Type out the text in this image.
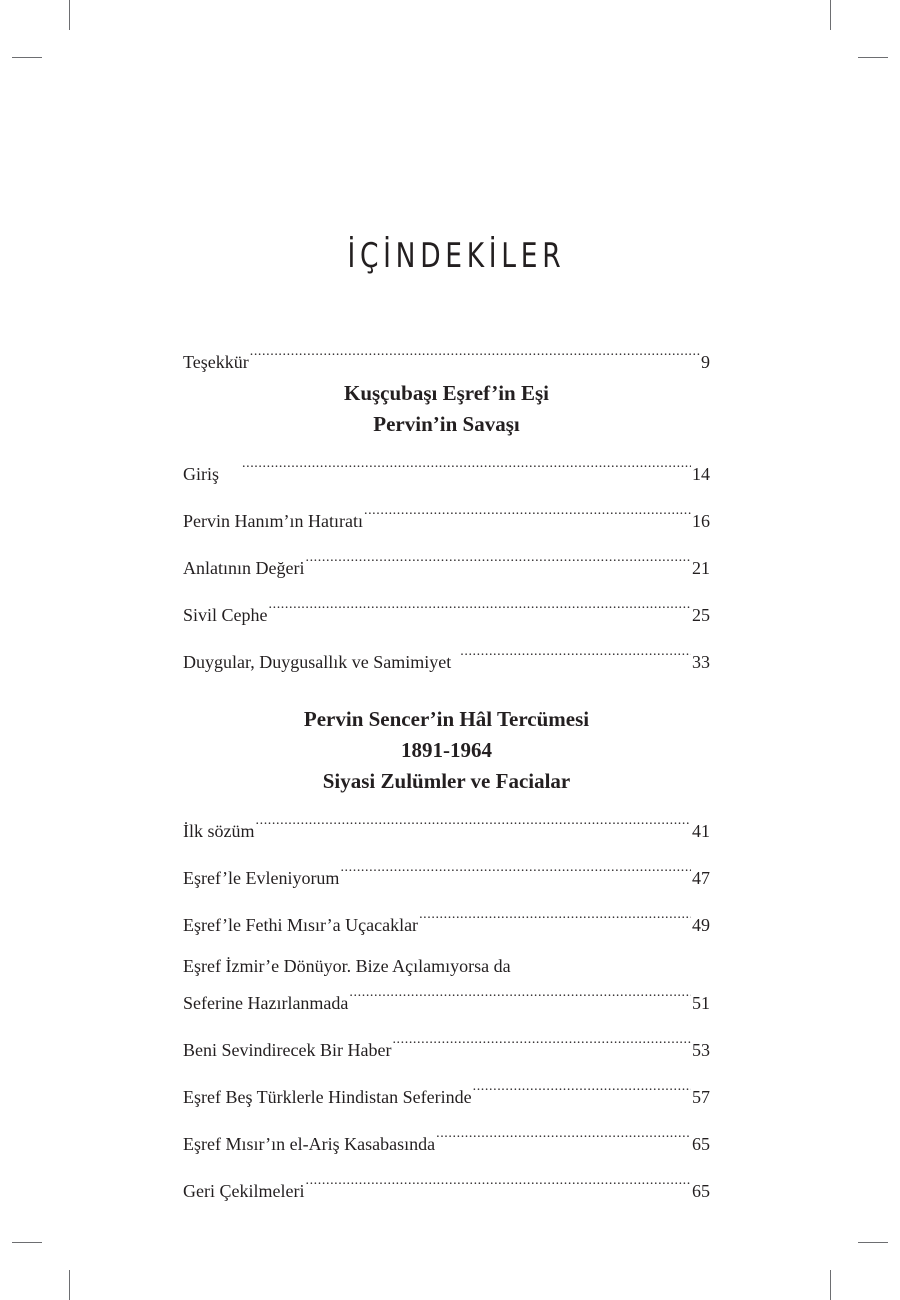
İÇİNDEKİLER
Teşekkür .....	9

Kuşçubaşı Eşref’in Eşi

Pervin’in Savaşı

Giriş .....	14
Pervin Hanım’ın Hatıratı .....	16
Anlatının Değeri .....	21
Sivil Cephe .....	25
Duygular, Duygusallık ve Samimiyet .....	33

Pervin Sencer’in Hâl Tercümesi

1891-1964

Siyasi Zulümler ve Facialar

İlk sözüm .....	41
Eşref’le Evleniyorum .....	47
Eşref’le Fethi Mısır’a Uçacaklar .....	49
Eşref İzmir’e Dönüyor. Bize Açılamıyorsa da
Seferine Hazırlanmada .....	51
Beni Sevindirecek Bir Haber .....	53
Eşref Beş Türklerle Hindistan Seferinde .....	57
Eşref Mısır’ın el-Ariş Kasabasında .....	65
Geri Çekilmeleri .....	65
